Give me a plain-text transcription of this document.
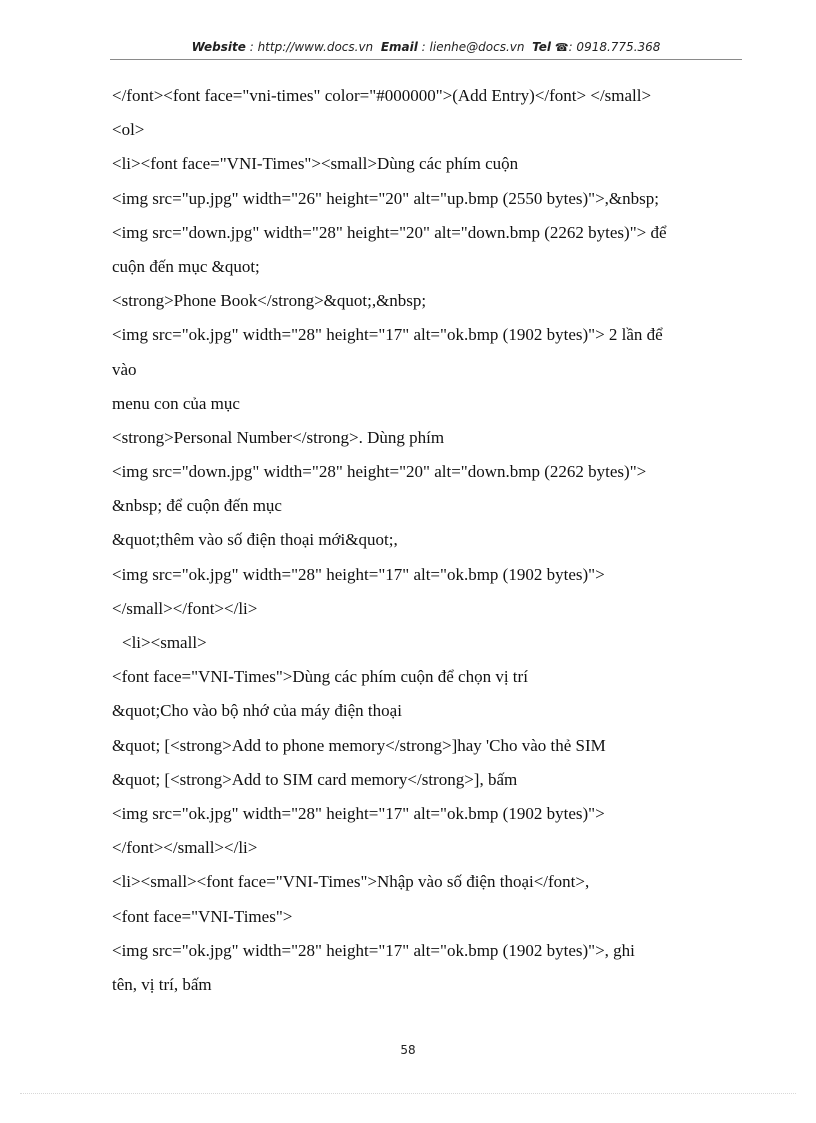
Website : http://www.docs.vn Email : lienhe@docs.vn Tel ☎: 0918.775.368
</font><font face="vni-times" color="#000000">(Add Entry)</font> </small>
<ol>
<li><font face="VNI-Times"><small>Dùng các phím cuộn
<img src="up.jpg" width="26" height="20" alt="up.bmp (2550 bytes)">,&nbsp;
<img src="down.jpg" width="28" height="20" alt="down.bmp (2262 bytes)"> để
cuộn đến mục &quot;
<strong>Phone Book</strong>&quot;,&nbsp;
<img src="ok.jpg" width="28" height="17" alt="ok.bmp (1902 bytes)"> 2 lần để
vào
menu con của mục
<strong>Personal Number</strong>. Dùng phím
<img src="down.jpg" width="28" height="20" alt="down.bmp (2262 bytes)">
&nbsp; để cuộn đến mục
&quot;thêm vào số điện thoại mới&quot;,
<img src="ok.jpg" width="28" height="17" alt="ok.bmp (1902 bytes)">
</small></font></li>
<li><small>
<font face="VNI-Times">Dùng các phím cuộn để chọn vị trí
&quot;Cho vào bộ nhớ của máy điện thoại
&quot; [<strong>Add to phone memory</strong>]hay 'Cho vào thẻ SIM
&quot; [<strong>Add to SIM card memory</strong>], bấm
<img src="ok.jpg" width="28" height="17" alt="ok.bmp (1902 bytes)">
</font></small></li>
<li><small><font face="VNI-Times">Nhập vào số điện thoại</font>,
<font face="VNI-Times">
<img src="ok.jpg" width="28" height="17" alt="ok.bmp (1902 bytes)">, ghi
tên, vị trí, bấm
58
